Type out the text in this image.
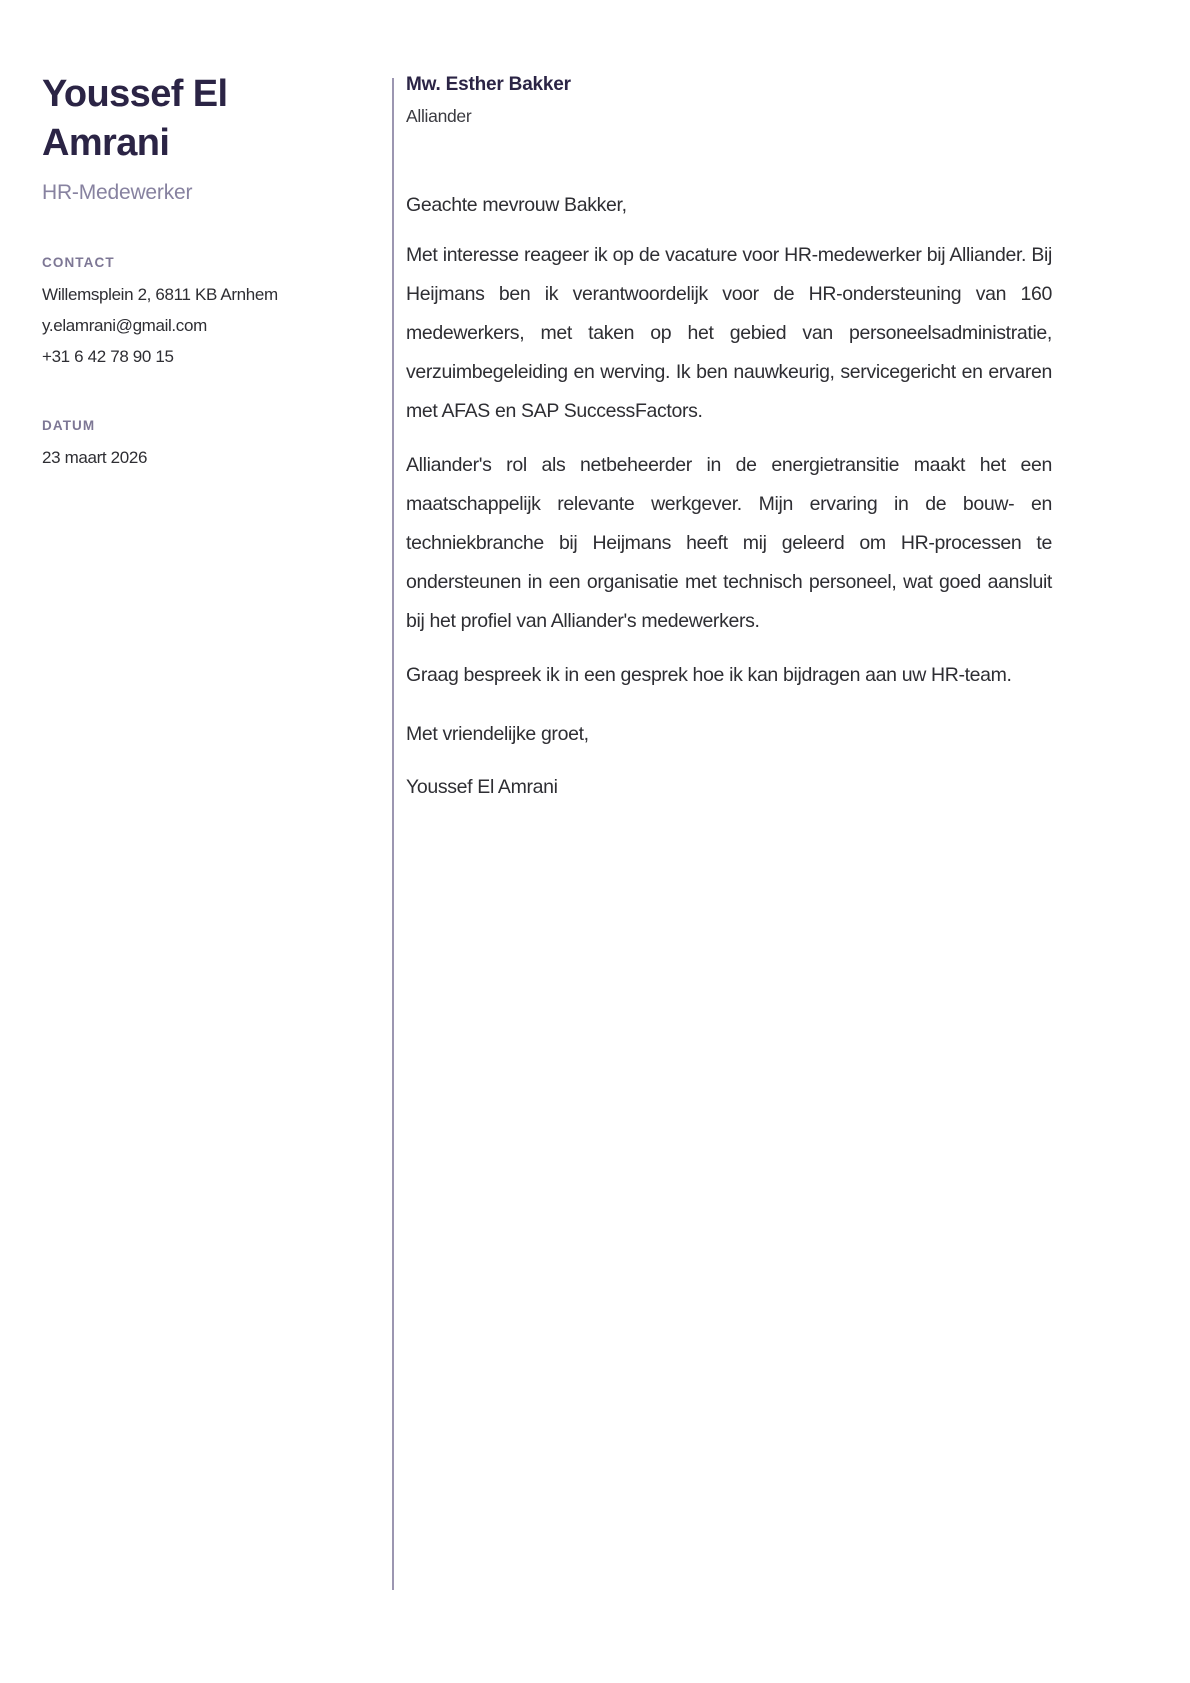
Youssef El Amrani

HR-Medewerker

CONTACT
Willemsplein 2, 6811 KB Arnhem
y.elamrani@gmail.com
+31 6 42 78 90 15
DATUM
23 maart 2026
Mw. Esther Bakker
Alliander

Geachte mevrouw Bakker,

Met interesse reageer ik op de vacature voor HR-medewerker bij Alliander. Bij Heijmans ben ik verantwoordelijk voor de HR-ondersteuning van 160 medewerkers, met taken op het gebied van personeelsadministratie, verzuimbegeleiding en werving. Ik ben nauwkeurig, servicegericht en ervaren met AFAS en SAP SuccessFactors.

Alliander's rol als netbeheerder in de energietransitie maakt het een maatschappelijk relevante werkgever. Mijn ervaring in de bouw- en techniekbranche bij Heijmans heeft mij geleerd om HR-processen te ondersteunen in een organisatie met technisch personeel, wat goed aansluit bij het profiel van Alliander's medewerkers.

Graag bespreek ik in een gesprek hoe ik kan bijdragen aan uw HR-team.

Met vriendelijke groet,

Youssef El Amrani
